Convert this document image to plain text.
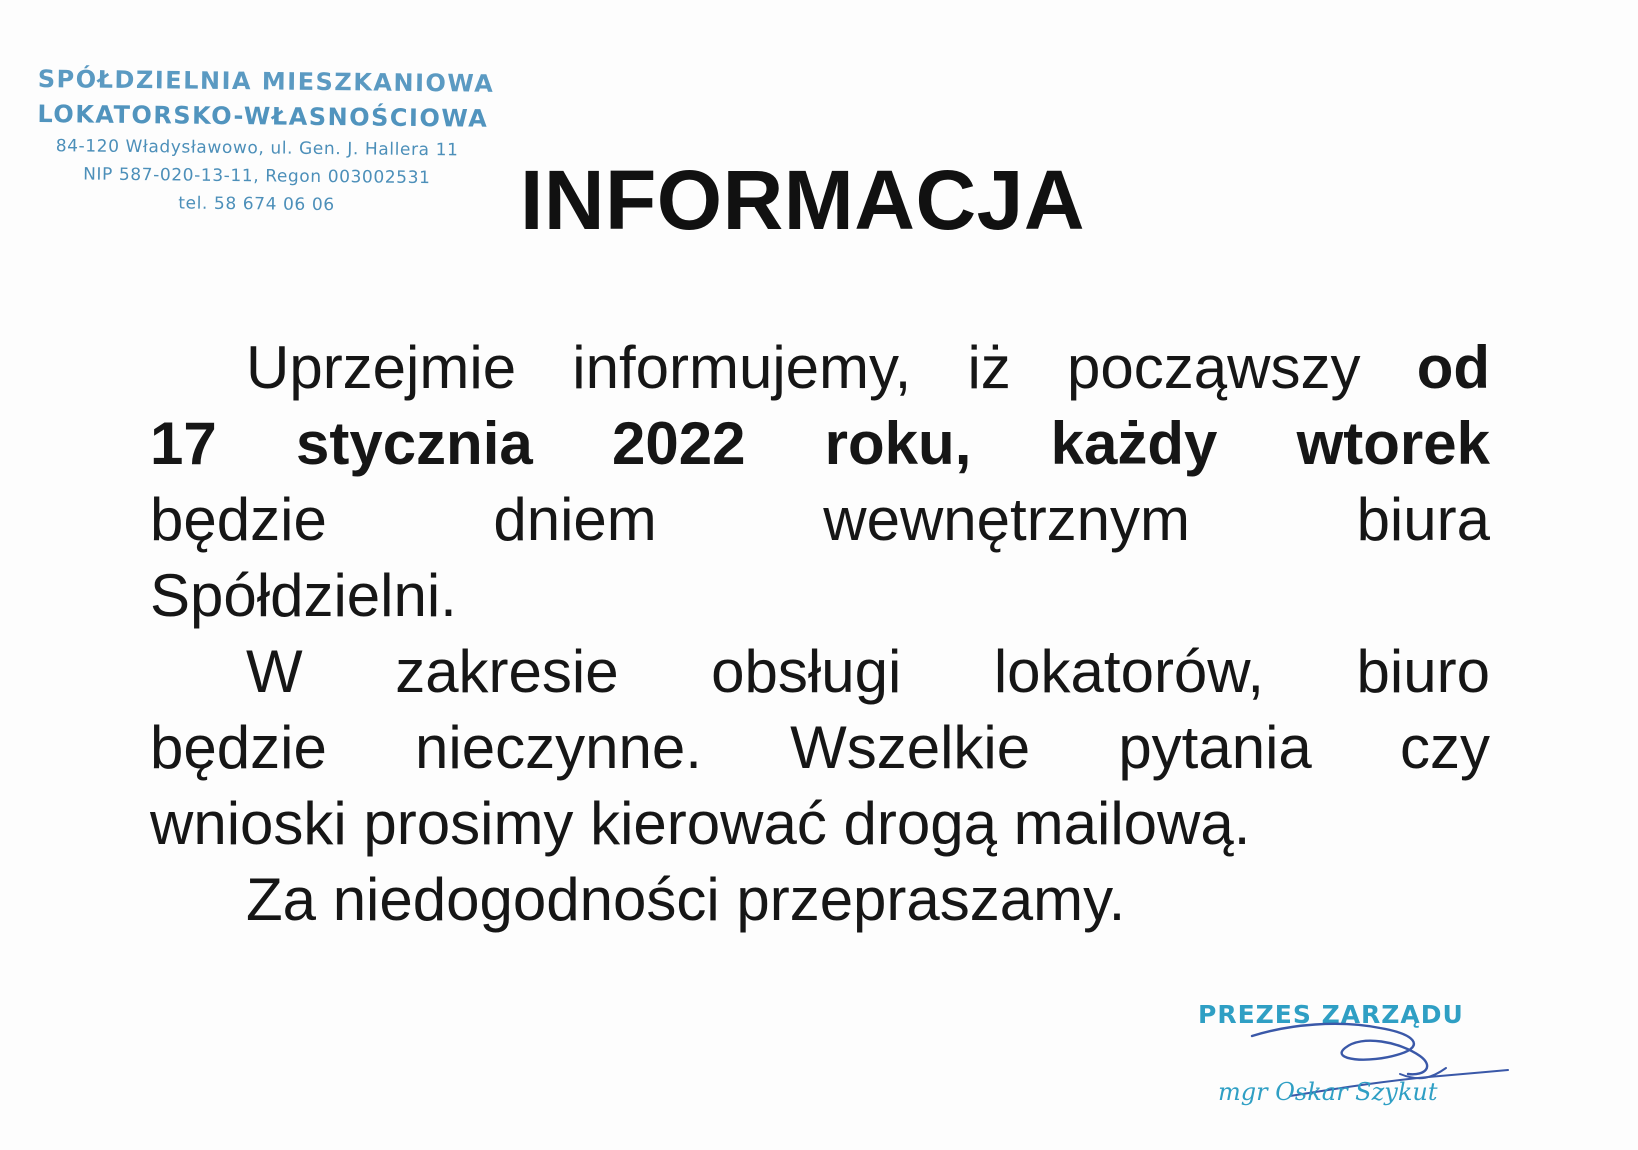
SPÓŁDZIELNIA MIESZKANIOWA
LOKATORSKO-WŁASNOŚCIOWA
84-120 Władysławowo, ul. Gen. J. Hallera 11
NIP 587-020-13-11, Regon 003002531
tel. 58 674 06 06	INFORMACJA
Uprzejmie informujemy, iż począwszy od
17 stycznia 2022 roku, każdy wtorek
będzie	dniem	wewnętrznym	biura
Spółdzielni.
W zakresie obsługi lokatorów, biuro
będzie nieczynne. Wszelkie pytania czy
wnioski prosimy kierować drogą mailową.
Za niedogodności przepraszamy.
PREZES ZARZĄDU
mgr Oskar Szykut
